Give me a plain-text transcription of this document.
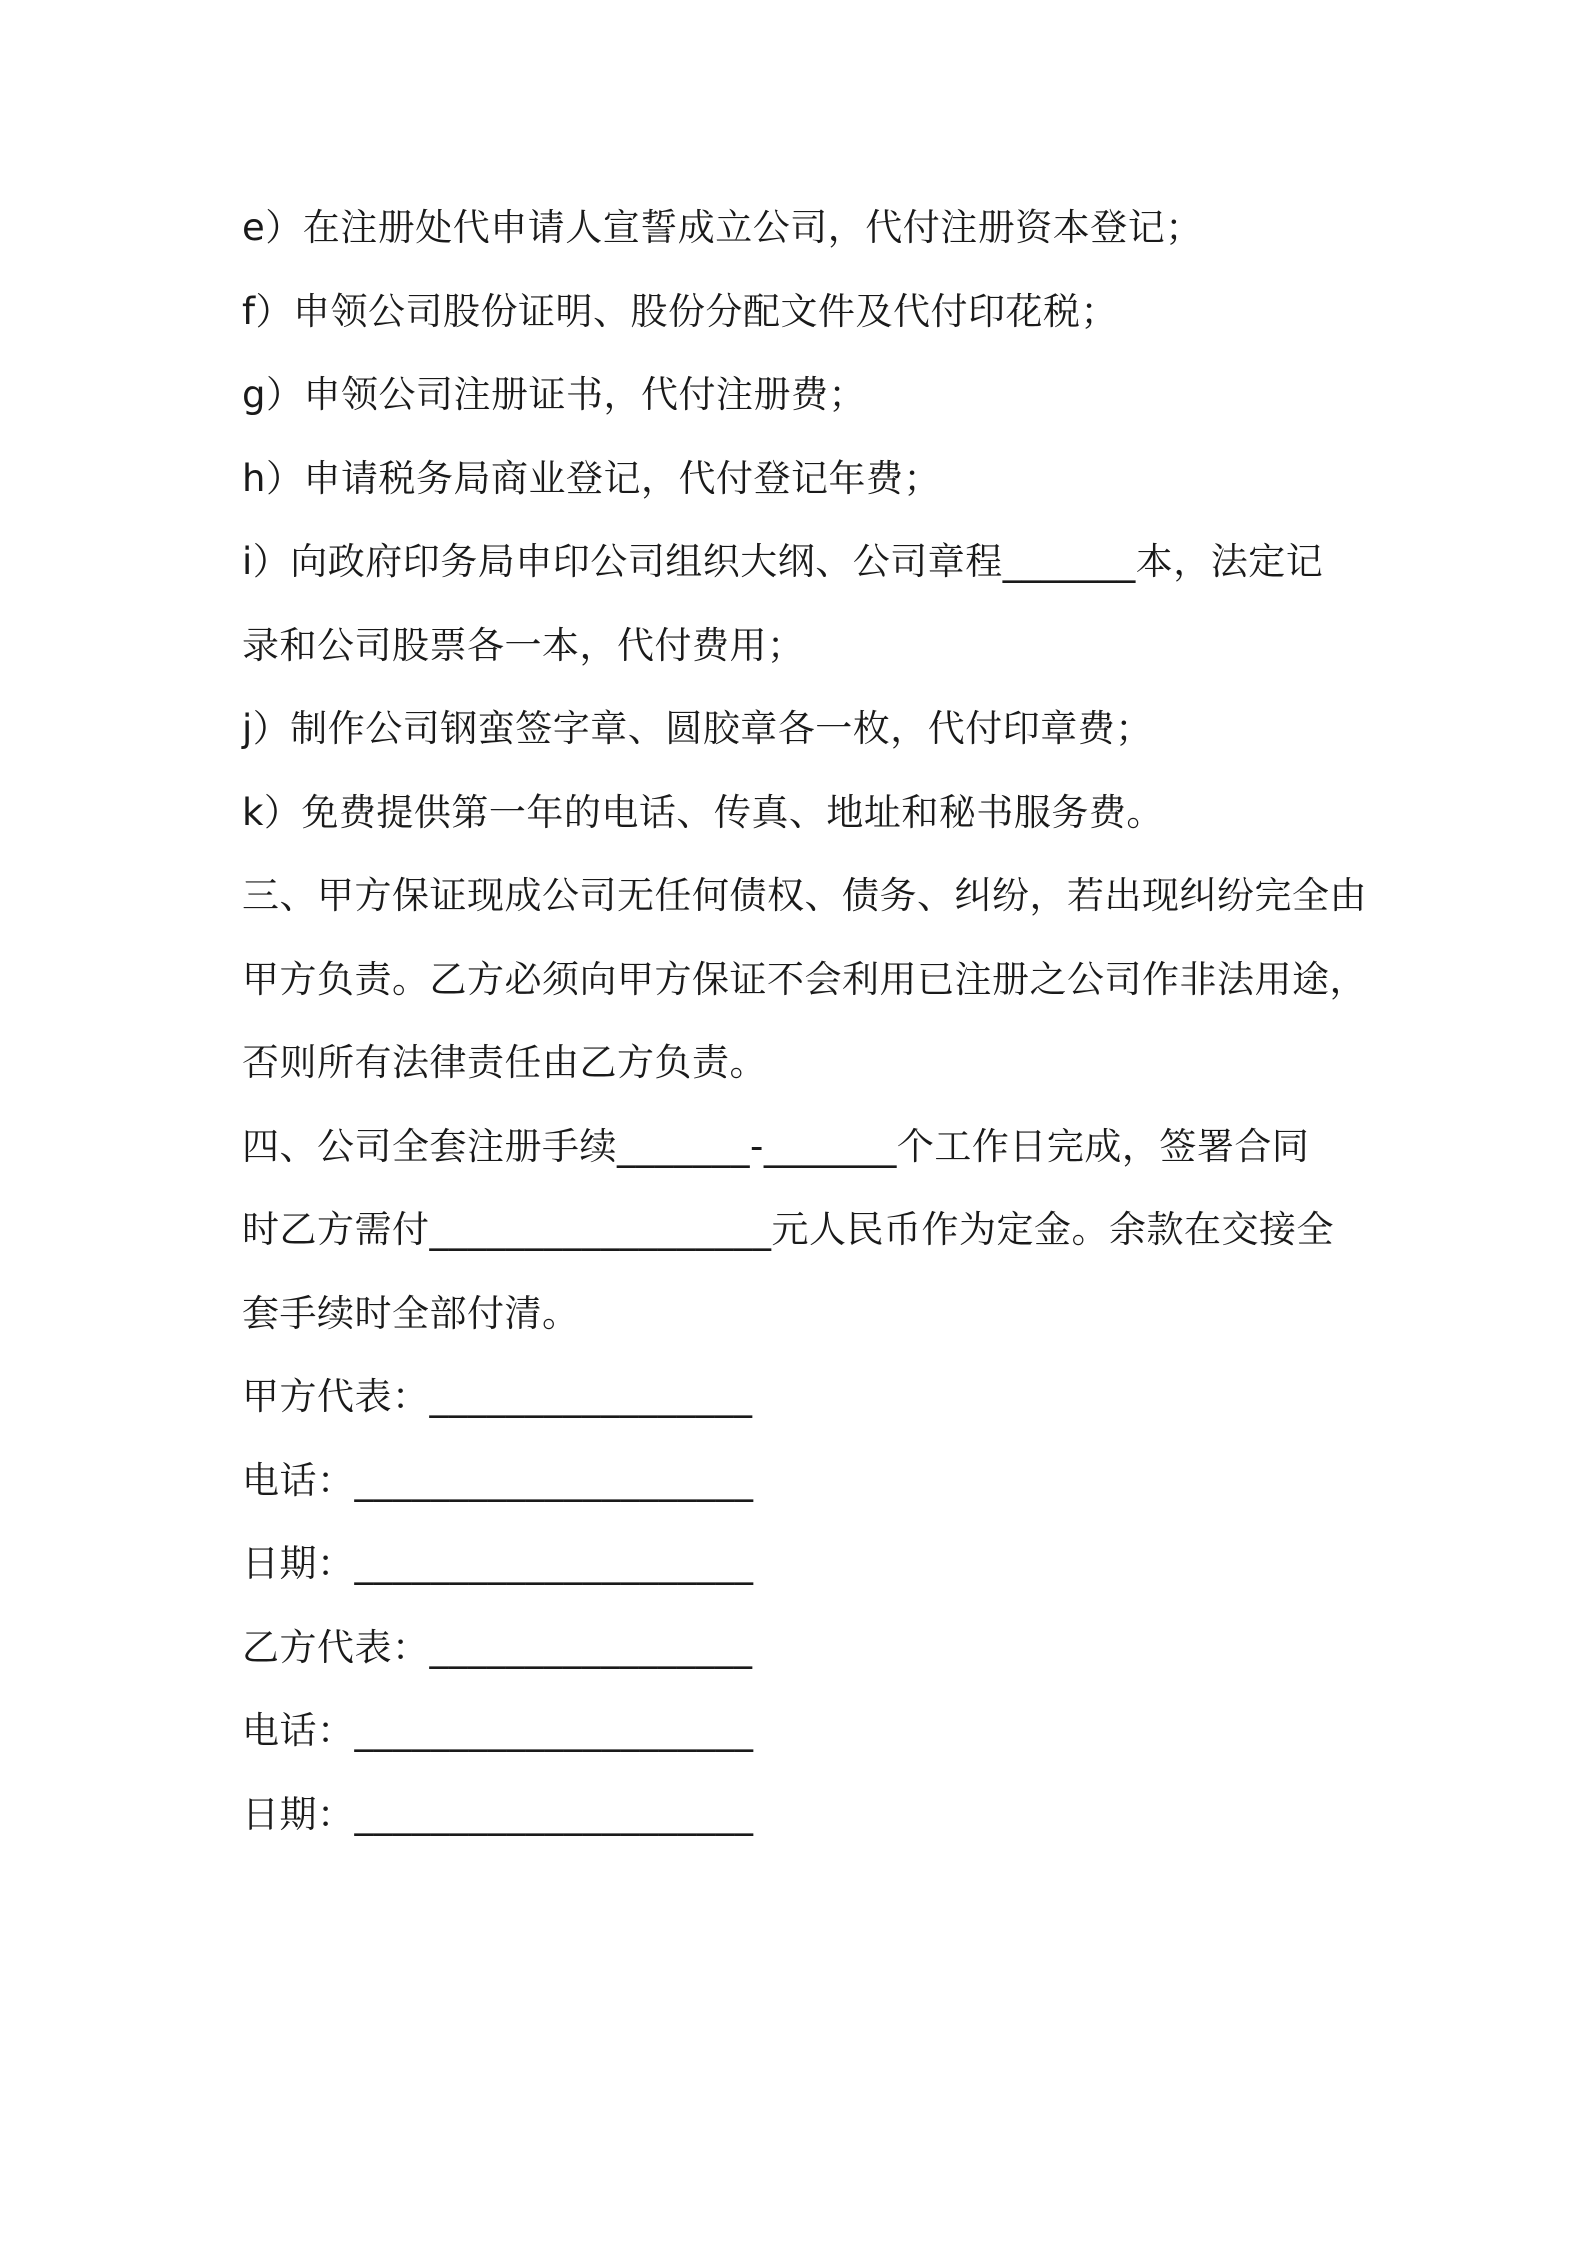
e）在注册处代申请人宣誓成立公司，代付注册资本登记；
f）申领公司股份证明、股份分配文件及代付印花税；
g）申领公司注册证书，代付注册费；
h）申请税务局商业登记，代付登记年费；
i）向政府印务局申印公司组织大纲、公司章程_______本，法定记
录和公司股票各一本，代付费用；
j）制作公司钢蛮签字章、圆胶章各一枚，代付印章费；
k）免费提供第一年的电话、传真、地址和秘书服务费。
三、甲方保证现成公司无任何债权、债务、纠纷，若出现纠纷完全由
甲方负责。乙方必须向甲方保证不会利用已注册之公司作非法用途，
否则所有法律责任由乙方负责。
四、公司全套注册手续_______-_______个工作日完成，签署合同
时乙方需付__________________元人民币作为定金。余款在交接全
套手续时全部付清。
甲方代表：_________________
电话：_____________________
日期：_____________________
乙方代表：_________________
电话：_____________________
日期：_____________________
